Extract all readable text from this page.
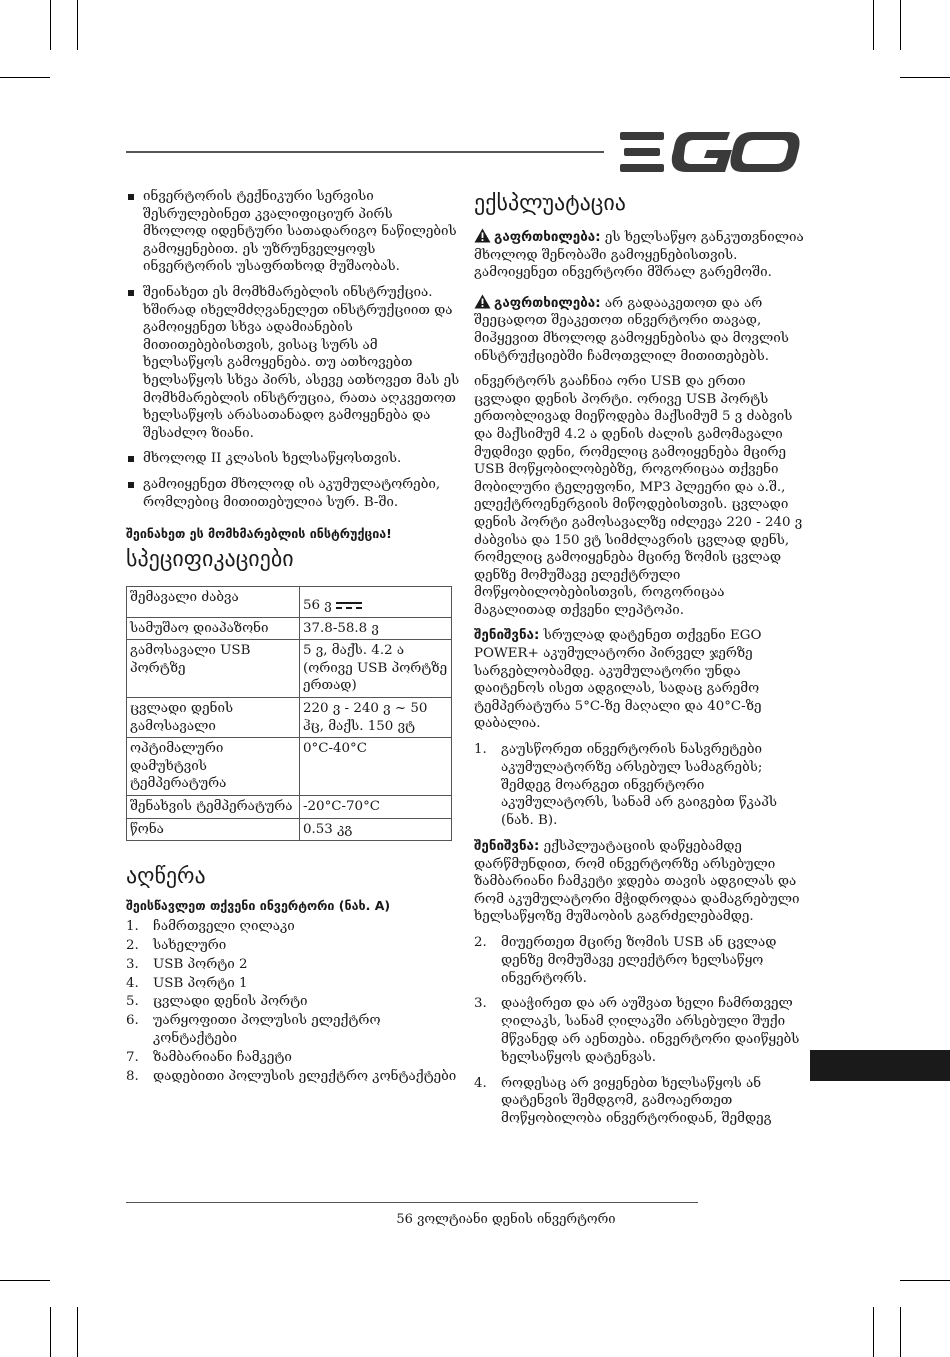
ინვერტორის ტექნიკური სერვისი შესრულებინეთ კვალიფიციურ პირს მხოლოდ იდენტური სათადარიგო ნაწილების გამოყენებით. ეს უზრუნველყოფს ინვერტორის უსაფრთხოდ მუშაობას.
შეინახეთ ეს მომხმარებლის ინსტრუქცია. ხშირად იხელმძღვანელეთ ინსტრუქციით და გამოიყენეთ სხვა ადამიანების მითითებებისთვის, ვისაც სურს ამ ხელსაწყოს გამოყენება. თუ ათხოვებთ ხელსაწყოს სხვა პირს, ასევე ათხოვეთ მას ეს მომხმარებლის ინსტრუცია, რათა აღკვეთოთ ხელსაწყოს არასათანადო გამოყენება და შესაძლო ზიანი.
მხოლოდ II კლასის ხელსაწყოსთვის.
გამოიყენეთ მხოლოდ ის აკუმულატორები, რომლებიც მითითებულია სურ. B-ში.
შეინახეთ ეს მომხმარებლის ინსტრუქცია!
სპეციფიკაციები
შემავალი ძაბვა	56 ვ
სამუშაო დიაპაზონი	37.8-58.8 ვ
გამოსავალი USB პორტზე	5 ვ, მაქს. 4.2 ა (ორივე USB პორტზე ერთად)
ცვლადი დენის გამოსავალი	220 ვ - 240 ვ ~ 50 ჰც, მაქს. 150 ვტ
ოპტიმალური დამუხტვის ტემპერატურა	0°C-40°C
შენახვის ტემპერატურა	-20°C-70°C
წონა	0.53 კგ
აღწერა
შეისწავლეთ თქვენი ინვერტორი (ნახ. A)
1.	ჩამრთველი ღილაკი
2.	სახელური
3.	USB პორტი 2
4.	USB პორტი 1
5.	ცვლადი დენის პორტი
6.	უარყოფითი პოლუსის ელექტრო კონტაქტები
7.	ზამბარიანი ჩამკეტი
8.	დადებითი პოლუსის ელექტრო კონტაქტები
ექსპლუატაცია

გაფრთხილება: ეს ხელსაწყო განკუთვნილია მხოლოდ შენობაში გამოყენებისთვის. გამოიყენეთ ინვერტორი მშრალ გარემოში.

გაფრთხილება: არ გადააკეთოთ და არ შეეცადოთ შეაკეთოთ ინვერტორი თავად, მიჰყევით მხოლოდ გამოყენებისა და მოვლის ინსტრუქციებში ჩამოთვლილ მითითებებს.

ინვერტორს გააჩნია ორი USB და ერთი ცვლადი დენის პორტი. ორივე USB პორტს ერთობლივად მიეწოდება მაქსიმუმ 5 ვ ძაბვის და მაქსიმუმ 4.2 ა დენის ძალის გამომავალი მუდმივი დენი, რომელიც გამოიყენება მცირე USB მოწყობილობებზე, როგორიცაა თქვენი მობილური ტელეფონი, MP3 პლეერი და ა.შ., ელექტროენერგიის მიწოდებისთვის. ცვლადი დენის პორტი გამოსავალზე იძლევა 220 - 240 ვ ძაბვისა და 150 ვტ სიმძლავრის ცვლად დენს, რომელიც გამოიყენება მცირე ზომის ცვლად დენზე მომუშავე ელექტრული მოწყობილობებისთვის, როგორიცაა მაგალითად თქვენი ლეპტოპი.

შენიშვნა: სრულად დატენეთ თქვენი EGO POWER+ აკუმულატორი პირველ ჯერზე სარგებლობამდე. აკუმულატორი უნდა დაიტენოს ისეთ ადგილას, სადაც გარემო ტემპერატურა 5°C-ზე მაღალი და 40°C-ზე დაბალია.

1.	გაუსწორეთ ინვერტორის ნასვრეტები აკუმულატორზე არსებულ სამაგრებს; შემდეგ მოარგეთ ინვერტორი აკუმულატორს, სანამ არ გაიგებთ წკაპს (ნახ. B).

შენიშვნა: ექსპლუატაციის დაწყებამდე დარწმუნდით, რომ ინვერტორზე არსებული ზამბარიანი ჩამკეტი ჯდება თავის ადგილას და რომ აკუმულატორი მჭიდროდაა დამაგრებული ხელსაწყოზე მუშაობის გაგრძელებამდე.

2.	მიუერთეთ მცირე ზომის USB ან ცვლად დენზე მომუშავე ელექტრო ხელსაწყო ინვერტორს.
3.	დააჭირეთ და არ აუშვათ ხელი ჩამრთველ ღილაკს, სანამ ღილაკში არსებული შუქი მწვანედ არ აენთება. ინვერტორი დაიწყებს ხელსაწყოს დატენვას.
4.	როდესაც არ ვიყენებთ ხელსაწყოს ან დატენვის შემდგომ, გამოაერთეთ მოწყობილობა ინვერტორიდან, შემდეგ
56 ვოლტიანი დენის ინვერტორი
